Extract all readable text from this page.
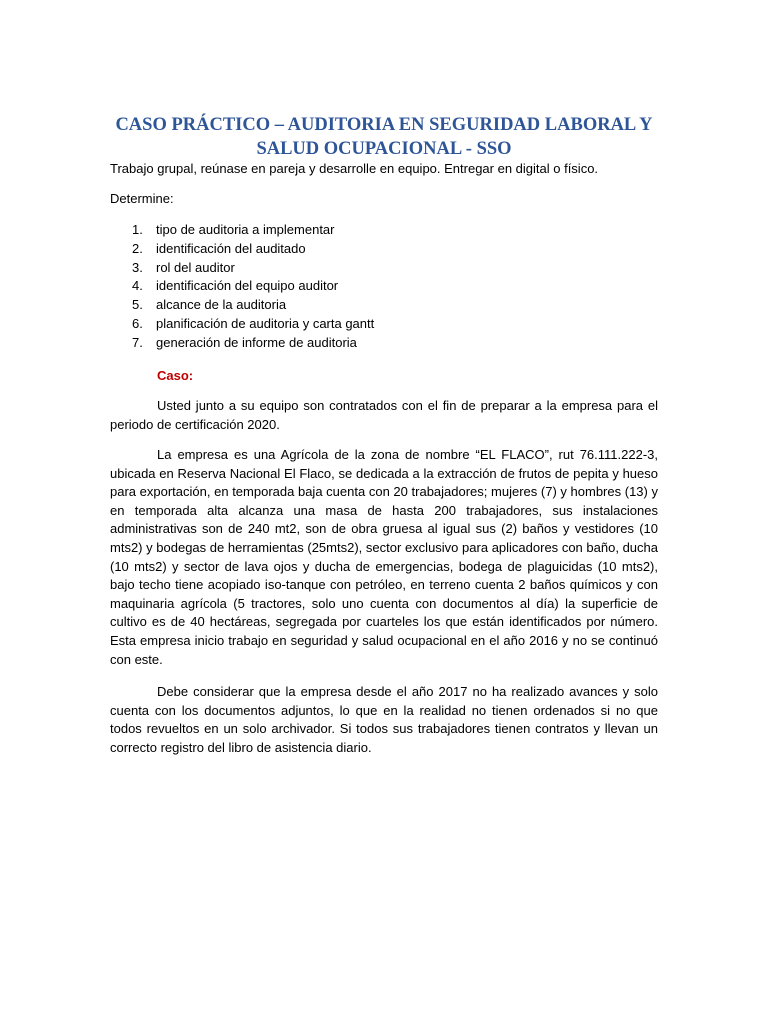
CASO PRÁCTICO – AUDITORIA EN SEGURIDAD LABORAL Y SALUD OCUPACIONAL - SSO

Trabajo grupal, reúnase en pareja y desarrolle en equipo. Entregar en digital o físico.

Determine:

1. tipo de auditoria a implementar
2. identificación del auditado
3. rol del auditor
4. identificación del equipo auditor
5. alcance de la auditoria
6. planificación de auditoria y carta gantt
7. generación de informe de auditoria

Caso:

Usted junto a su equipo son contratados con el fin de preparar a la empresa para el periodo de certificación 2020.

La empresa es una Agrícola de la zona de nombre “EL FLACO”, rut 76.111.222-3, ubicada en Reserva Nacional El Flaco, se dedicada a la extracción de frutos de pepita y hueso para exportación, en temporada baja cuenta con 20 trabajadores; mujeres (7) y hombres (13) y en temporada alta alcanza una masa de hasta 200 trabajadores, sus instalaciones administrativas son de 240 mt2, son de obra gruesa al igual sus (2) baños y vestidores (10 mts2) y bodegas de herramientas (25mts2), sector exclusivo para aplicadores con baño, ducha (10 mts2) y sector de lava ojos y ducha de emergencias, bodega de plaguicidas (10 mts2), bajo techo tiene acopiado iso-tanque con petróleo, en terreno cuenta 2 baños químicos y con maquinaria agrícola (5 tractores, solo uno cuenta con documentos al día) la superficie de cultivo es de 40 hectáreas, segregada por cuarteles los que están identificados por número. Esta empresa inicio trabajo en seguridad y salud ocupacional en el año 2016 y no se continuó con este.

Debe considerar que la empresa desde el año 2017 no ha realizado avances y solo cuenta con los documentos adjuntos, lo que en la realidad no tienen ordenados si no que todos revueltos en un solo archivador. Si todos sus trabajadores tienen contratos y llevan un correcto registro del libro de asistencia diario.
